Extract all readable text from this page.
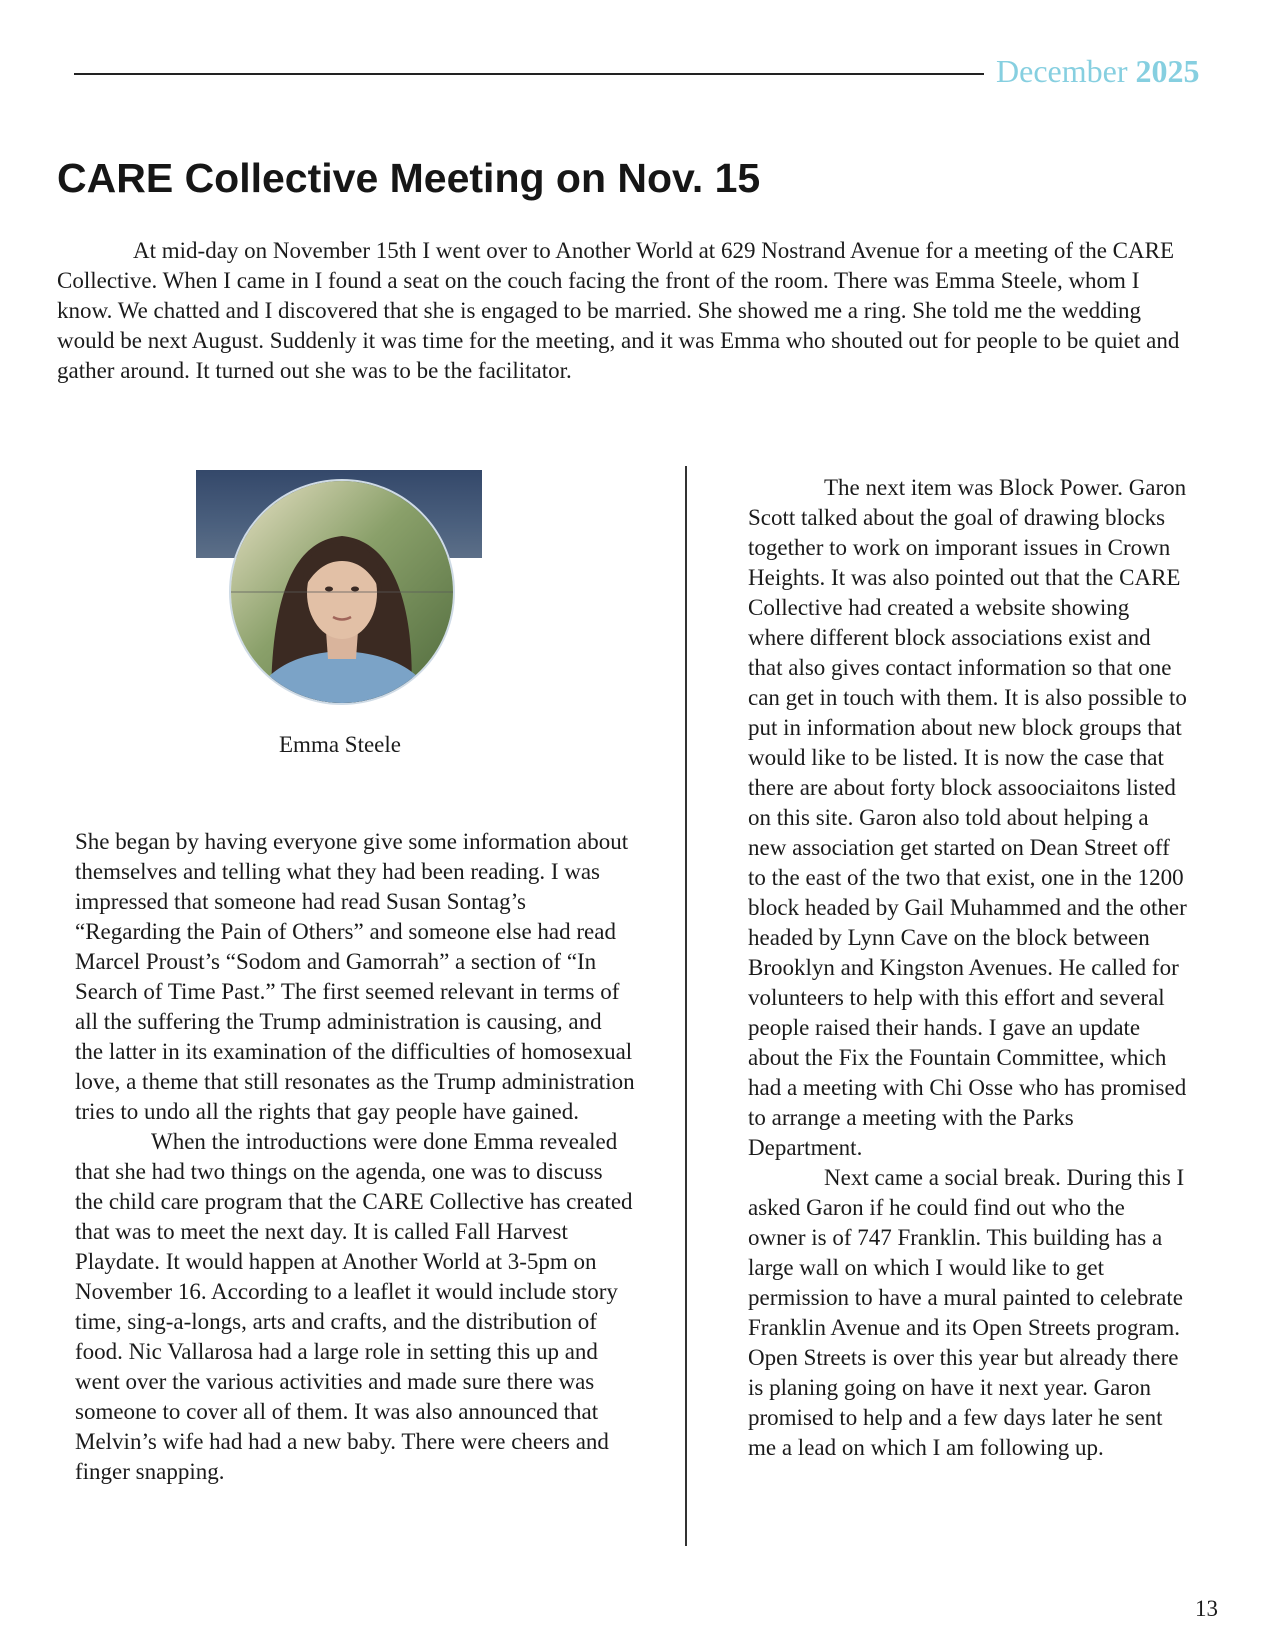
December 2025
CARE Collective Meeting on Nov. 15

At mid-day on November 15th I went over to Another World at 629 Nostrand Avenue for a meeting of the CARE Collective. When I came in I found a seat on the couch facing the front of the room. There was Emma Steele, whom I know. We chatted and I discovered that she is engaged to be married. She showed me a ring. She told me the wedding would be next August. Suddenly it was time for the meeting, and it was Emma who shouted out for people to be quiet and gather around. It turned out she was to be the facilitator.

Emma Steele

She began by having everyone give some information about themselves and telling what they had been reading. I was impressed that someone had read Susan Sontag’s “Regarding the Pain of Others” and someone else had read Marcel Proust’s “Sodom and Gamorrah” a section of “In Search of Time Past.” The first seemed relevant in terms of all the suffering the Trump administration is causing, and the latter in its examination of the difficulties of homosexual love, a theme that still resonates as the Trump administration tries to undo all the rights that gay people have gained.

When the introductions were done Emma revealed that she had two things on the agenda, one was to discuss the child care program that the CARE Collective has created that was to meet the next day. It is called Fall Harvest Playdate. It would happen at Another World at 3-5pm on November 16. According to a leaflet it would include story time, sing-a-longs, arts and crafts, and the distribution of food. Nic Vallarosa had a large role in setting this up and went over the various activities and made sure there was someone to cover all of them. It was also announced that Melvin’s wife had had a new baby. There were cheers and finger snapping.

The next item was Block Power. Garon Scott talked about the goal of drawing blocks together to work on imporant issues in Crown Heights. It was also pointed out that the CARE Collective had created a website showing where different block associations exist and that also gives contact information so that one can get in touch with them. It is also possible to put in information about new block groups that would like to be listed. It is now the case that there are about forty block assoociaitons listed on this site. Garon also told about helping a new association get started on Dean Street off to the east of the two that exist, one in the 1200 block headed by Gail Muhammed and the other headed by Lynn Cave on the block between Brooklyn and Kingston Avenues. He called for volunteers to help with this effort and several people raised their hands. I gave an update about the Fix the Fountain Committee, which had a meeting with Chi Osse who has promised to arrange a meeting with the Parks Department.

Next came a social break. During this I asked Garon if he could find out who the owner is of 747 Franklin. This building has a large wall on which I would like to get permission to have a mural painted to celebrate Franklin Avenue and its Open Streets program. Open Streets is over this year but already there is planing going on have it next year. Garon promised to help and a few days later he sent me a lead on which I am following up.

13
